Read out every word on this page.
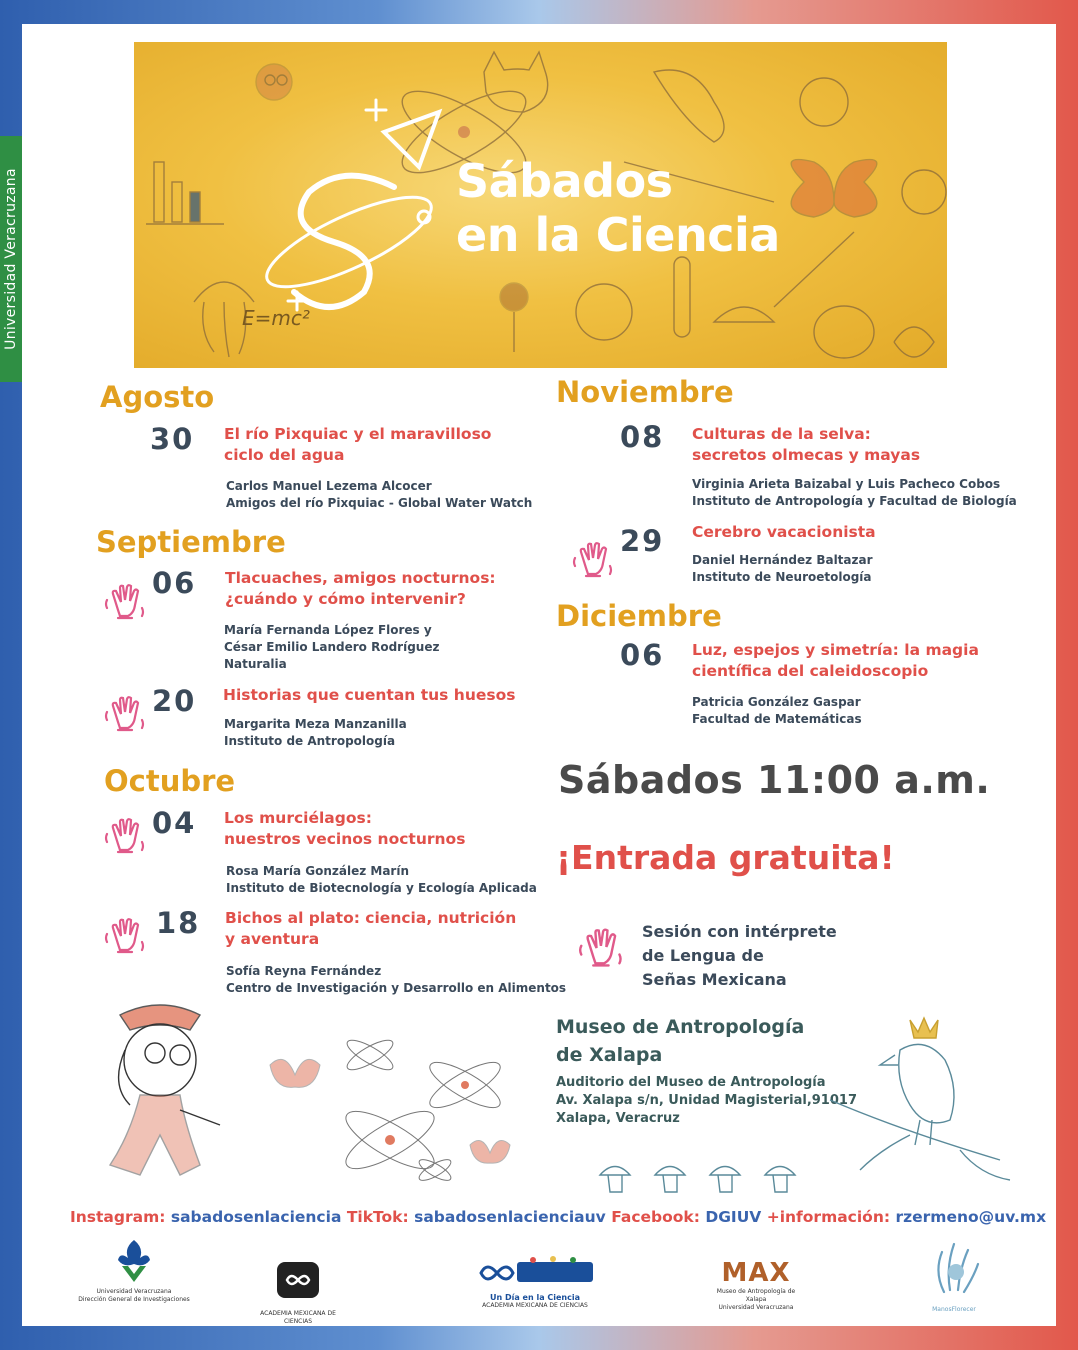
Universidad Veracruzana	Sábados
en la Ciencia
E=mc²
Agosto
30 El río Pixquiac y el maravilloso
ciclo del agua
Carlos Manuel Lezema Alcocer
Amigos del río Pixquiac - Global Water Watch
Septiembre
06 Tlacuaches, amigos nocturnos:
¿cuándo y cómo intervenir?
María Fernanda López Flores y
César Emilio Landero Rodríguez
Naturalia
20 Historias que cuentan tus huesos
Margarita Meza Manzanilla
Instituto de Antropología
Octubre
04 Los murciélagos:
nuestros vecinos nocturnos
Rosa María González Marín
Instituto de Biotecnología y Ecología Aplicada
18 Bichos al plato: ciencia, nutrición
y aventura
Sofía Reyna Fernández
Centro de Investigación y Desarrollo en Alimentos
Noviembre
08 Culturas de la selva:
secretos olmecas y mayas
Virginia Arieta Baizabal y Luis Pacheco Cobos
Instituto de Antropología y Facultad de Biología
29 Cerebro vacacionista
Daniel Hernández Baltazar
Instituto de Neuroetología
Diciembre
06 Luz, espejos y simetría: la magia
científica del caleidoscopio
Patricia González Gaspar
Facultad de Matemáticas
Sábados 11:00 a.m.
¡Entrada gratuita!
Sesión con intérprete
de Lengua de
Señas Mexicana
Museo de Antropología
de Xalapa
Auditorio del Museo de Antropología
Av. Xalapa s/n, Unidad Magisterial,91017
Xalapa, Veracruz
Instagram: sabadosenlaciencia TikTok: sabadosenlacienciauv Facebook: DGIUV +información: rzermeno@uv.mx
Universidad Veracruzana
Dirección General de Investigaciones
ACADEMIA MEXICANA DE CIENCIAS
Un Día en la Ciencia
ACADEMIA MEXICANA DE CIENCIAS
MAX
Museo de Antropología de Xalapa
Universidad Veracruzana	ManosFlorecer
